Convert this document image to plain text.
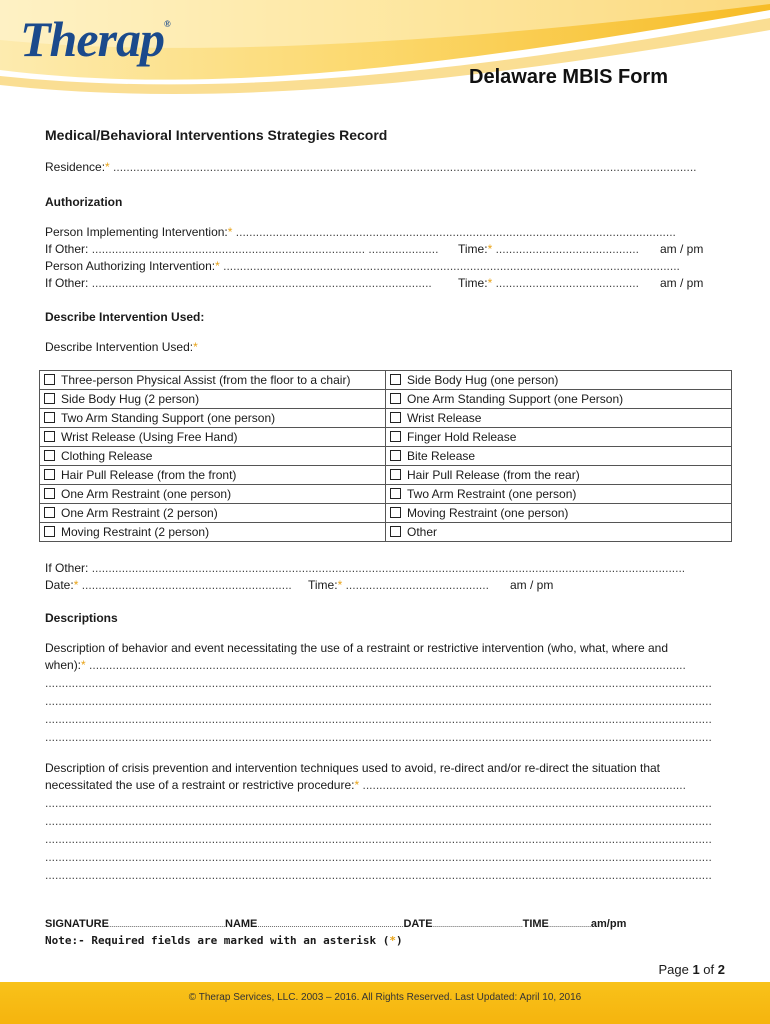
Therap®
Delaware MBIS Form
Medical/Behavioral Interventions Strategies Record
Residence:* ...............................................................................................................................................................................
Authorization
Person Implementing Intervention:* ....................................................................................................................................
If Other: .................................................................................. ..................... Time:* ........................................... am / pm
Person Authorizing Intervention:* .........................................................................................................................................
If Other: ...................................................................................................... Time:* ........................................... am / pm
Describe Intervention Used:
Describe Intervention Used:*
Three-person Physical Assist (from the floor to a chair)	Side Body Hug (one person)
Side Body Hug (2 person)	One Arm Standing Support (one Person)
Two Arm Standing Support (one person)	Wrist Release
Wrist Release (Using Free Hand)	Finger Hold Release
Clothing Release	Bite Release
Hair Pull Release (from the front)	Hair Pull Release (from the rear)
One Arm Restraint (one person)	Two Arm Restraint (one person)
One Arm Restraint (2 person)	Moving Restraint (one person)
Moving Restraint (2 person)	Other
If Other: ..................................................................................................................................................................................
Date:* ............................................................... Time:* ........................................... am / pm
Descriptions
Description of behavior and event necessitating the use of a restraint or restrictive intervention (who, what, where and
when):* ...................................................................................................................................................................................
........................................................................................................................................................................................................
........................................................................................................................................................................................................
........................................................................................................................................................................................................
........................................................................................................................................................................................................
Description of crisis prevention and intervention techniques used to avoid, re-direct and/or re-direct the situation that
necessitated the use of a restraint or restrictive procedure:* .................................................................................................
........................................................................................................................................................................................................
........................................................................................................................................................................................................
........................................................................................................................................................................................................
........................................................................................................................................................................................................
........................................................................................................................................................................................................
SIGNATURE..........................................................NAME.........................................................................DATE.............................................TIME.....................am/pm
Note:- Required fields are marked with an asterisk (*)
Page 1 of 2
© Therap Services, LLC. 2003 – 2016. All Rights Reserved. Last Updated: April 10, 2016
